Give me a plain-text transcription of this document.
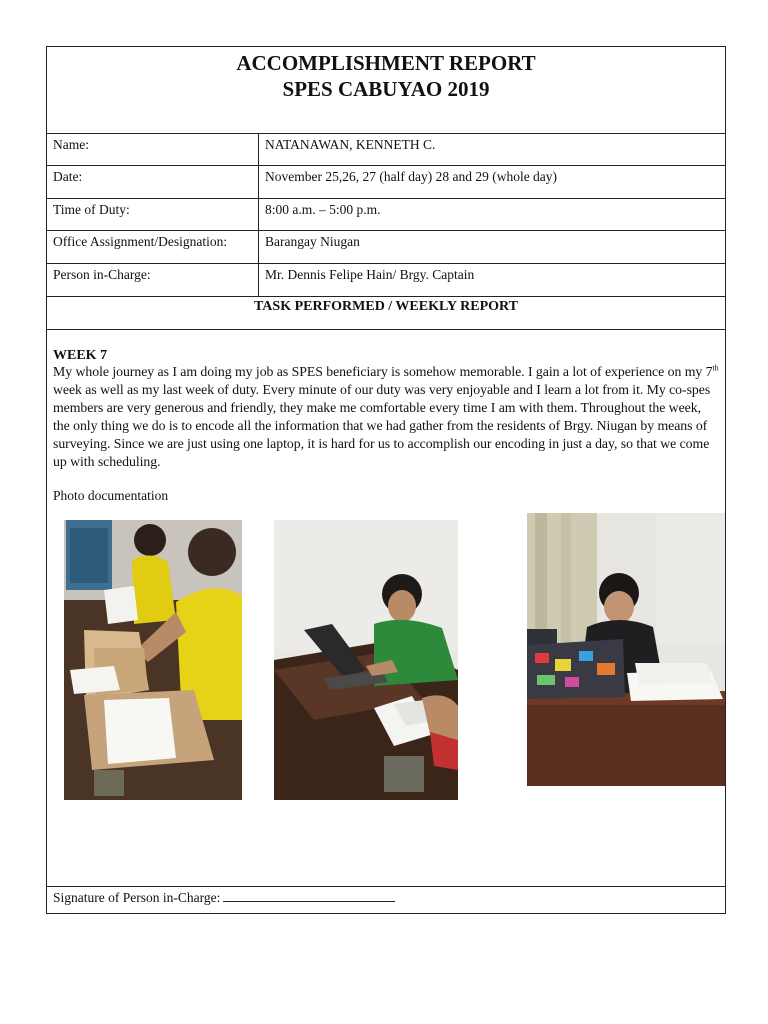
ACCOMPLISHMENT REPORT

SPES CABUYAO 2019

Name:	NATANAWAN, KENNETH C.
Date:	November 25,26, 27 (half day) 28 and 29 (whole day)
Time of Duty:	8:00 a.m. – 5:00 p.m.
Office Assignment/Designation:	Barangay Niugan
Person in-Charge:	Mr. Dennis Felipe Hain/ Brgy. Captain
TASK PERFORMED / WEEKLY REPORT
WEEK 7

My whole journey as I am doing my job as SPES beneficiary is somehow memorable. I gain a lot of experience on my 7th week as well as my last week of duty. Every minute of our duty was very enjoyable and I learn a lot from it. My co-spes members are very generous and friendly, they make me comfortable every time I am with them. Throughout the week, the only thing we do is to encode all the information that we had gather from the residents of Brgy. Niugan by means of surveying. Since we are just using one laptop, it is hard for us to accomplish our encoding in just a day, so that we come up with scheduling.

Photo documentation
Signature of Person in-Charge:
